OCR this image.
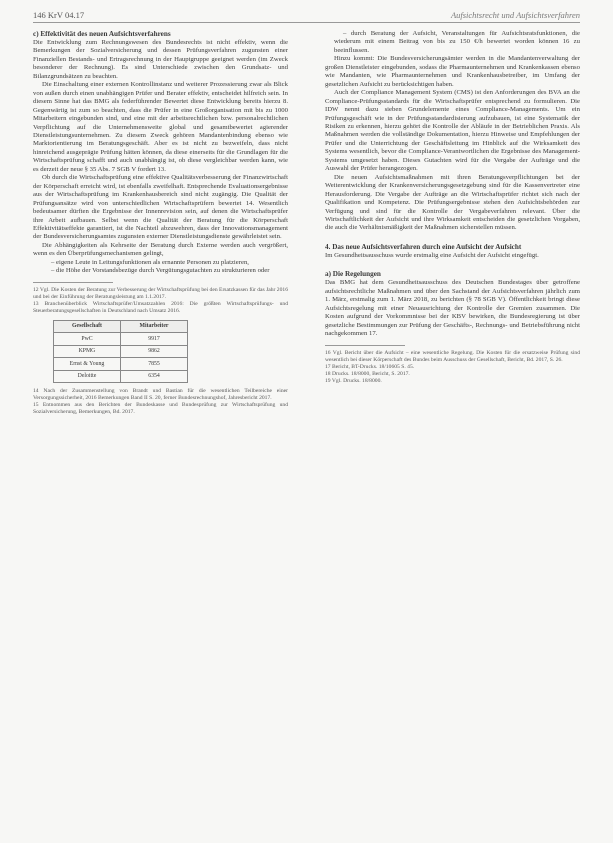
146 KrV 04.17	Aufsichtsrecht und Aufsichtsverfahren
c) Effektivität des neuen Aufsichtsverfahrens

Die Entwicklung zum Rechnungswesen des Bundesrechts ist nicht effektiv, wenn die Bemerkungen der Sozialversicherung und dessen Prüfungsverfahren zugunsten einer Finanziellen Bestands- und Ertragsrechnung in der Hauptgruppe geeignet werden (im Zweck besonderer der Rechnung). Es sind Unterschiede zwischen den Grundsatz- und Bilanzgrundsätzen zu beachten.

Die Einschaltung einer externen Kontrollinstanz und weiterer Prozessierung zwar als Blick von außen durch einen unabhängigen Prüfer und Berater effektiv, entscheidet hilfreich sein. In diesem Sinne hat das BMG als federführender Bewertet diese Entwicklung bereits hierzu 8. Gegenwärtig ist zum so beachten, dass die Prüfer in eine Großorganisation mit bis zu 1000 Mitarbeitern eingebunden sind, und eine mit der arbeitsrechtlichen bzw. personalrechtlichen Verpflichtung auf die Unternehmensweite global und gesamtbewertet agierender Dienstleistungsunternehmen. Zu diesem Zweck gehören Mandantenbindung ebenso wie Marktorientierung im Beratungsgeschäft. Aber es ist nicht zu bezweifeln, dass nicht hinreichend ausgeprägte Prüfung hätten können, da diese einerseits für die Grundlagen für die Wirtschaftsprüfung schafft und auch unabhängig ist, ob diese vergleichbar werden kann, wie es derzeit der neue § 35 Abs. 7 SGB V fordert 13.

Ob durch die Wirtschaftsprüfung eine effektive Qualitätsverbesserung der Finanzwirtschaft der Körperschaft erreicht wird, ist ebenfalls zweifelhaft. Entsprechende Evaluationsergebnisse aus der Wirtschaftsprüfung im Krankenhausbereich sind nicht zugängig. Die Qualität der Prüfungsansätze wird von unterschiedlichen Wirtschaftsprüfern bewertet 14. Wesentlich bedeutsamer dürften die Ergebnisse der Innenrevision sein, auf denen die Wirtschaftsprüfer ihre Arbeit aufbauen. Selbst wenn die Qualität der Beratung für die Körperschaft Effektivitätseffekte garantiert, ist die Nachteil abzuwehren, dass der Innovationsmanagement der Bundesversicherungsamtes zugunsten externer Dienstleistungsdienste gewährleistet sein.

Die Abhängigkeiten als Kehrseite der Beratung durch Externe werden auch vergrößert, wenn es den Überprüfungsmechanismen gelingt,

– eigene Leute in Leitungsfunktionen als ernannte Personen zu platzieren,

– die Höhe der Vorstandsbezüge durch Vergütungsgutachten zu strukturieren oder

12 Vgl. Die Kosten der Beratung zur Verbesserung der Wirtschaftsprüfung bei den Ersatzkassen für das Jahr 2016 und bei der Einführung der Beratungsleistung am 1.1.2017.
13 Branchenüberblick Wirtschaftsprüfer/Umsatzzahlen 2016: Die größten Wirtschaftsprüfungs- und Steuerberatungsgesellschaften in Deutschland nach Umsatz 2016.
Gesellschaft	Mitarbeiter
PwC	9917
KPMG	9862
Ernst & Young	7855
Deloitte	6354
14 Nach der Zusammenstellung von Brandt und Bastian für die wesentlichen Teilbereiche einer Versorgungssicherheit, 2016 Bemerkungen Band II S. 20, ferner Bundesrechnungshof, Jahresbericht 2017.
15 Entnommen aus den Berichten der Bundeskasse und Bundesprüfung zur Wirtschaftsprüfung und Sozialversicherung, Bemerkungen, Bd. 2017.

– durch Beratung der Aufsicht, Veranstaltungen für Aufsichtsratsfunktionen, die wiederum mit einem Beitrag von bis zu 150 €/h bewertet worden können 16 zu beeinflussen.

Hinzu kommt: Die Bundesversicherungsämter werden in die Mandantenverwaltung der großen Dienstleister eingebunden, sodass die Pharmaunternehmen und Krankenkassen ebenso wie Mandanten, wie Pharmaunternehmen und Krankenhausbetreiber, im Umfang der gesetzlichen Aufsicht zu berücksichtigen haben.

Auch der Compliance Management System (CMS) ist den Anforderungen des BVA an die Compliance-Prüfungsstandards für die Wirtschaftsprüfer entsprechend zu formulieren. Die IDW nennt dazu sieben Grundelemente eines Compliance-Managements. Um ein Prüfungsgeschäft wie in der Prüfungsstandardisierung aufzubauen, ist eine Systematik der Risiken zu erkennen, hierzu gehört die Kontrolle der Abläufe in der Betrieblichen Praxis. Als Maßnahmen werden die vollständige Dokumentation, hierzu Hinweise und Empfehlungen der Prüfer und die Unterrichtung der Geschäftsleitung im Hinblick auf die Wirksamkeit des Systems wesentlich, bevor die Compliance-Verantwortlichen die Ergebnisse des Management-Systems umgesetzt haben. Dieses Gutachten wird für die Vergabe der Aufträge und die Auswahl der Prüfer herangezogen.

Die neuen Aufsichtsmaßnahmen mit ihren Beratungsverpflichtungen bei der Weiterentwicklung der Krankenversicherungsgesetzgebung sind für die Kassenvertreter eine Herausforderung. Die Vergabe der Aufträge an die Wirtschaftsprüfer richtet sich nach der Qualifikation und Kompetenz. Die Prüfungsergebnisse stehen den Aufsichtsbehörden zur Verfügung und sind für die Kontrolle der Vergabeverfahren relevant. Über die Wirtschaftlichkeit der Aufsicht und ihre Wirksamkeit entscheiden die gesetzlichen Vorgaben, die auch die Verhältnismäßigkeit der Maßnahmen sicherstellen müssen.

4. Das neue Aufsichtsverfahren durch eine Aufsicht der Aufsicht

Im Gesundheitsausschuss wurde erstmalig eine Aufsicht der Aufsicht eingefügt.

a) Die Regelungen

Das BMG hat dem Gesundheitsausschuss des Deutschen Bundestages über getroffene aufsichtsrechtliche Maßnahmen und über den Sachstand der Aufsichtsverfahren jährlich zum 1. März, erstmalig zum 1. März 2018, zu berichten (§ 78 SGB V). Öffentlichkeit bringt diese Aufsichtsregelung mit einer Neuausrichtung der Kontrolle der Gremien zusammen. Die Kosten aufgrund der Vorkommnisse bei der KBV bewirken, die Bundesregierung ist über gesetzliche Bestimmungen zur Prüfung der Geschäfts-, Rechnungs- und Betriebsführung nicht nachgekommen 17.

16 Vgl. Bericht über die Aufsicht – eine wesentliche Regelung. Die Kosten für die ersatzweise Prüfung sind wesentlich bei dieser Körperschaft des Bundes beim Ausschuss der Gesellschaft, Bericht, Bd. 2017, S. 26.
17 Bericht, BT-Drucks. 18/10605 S. 45.
18 Drucks. 18/8000, Bericht, S. 2017.
19 Vgl. Drucks. 18/8000.
